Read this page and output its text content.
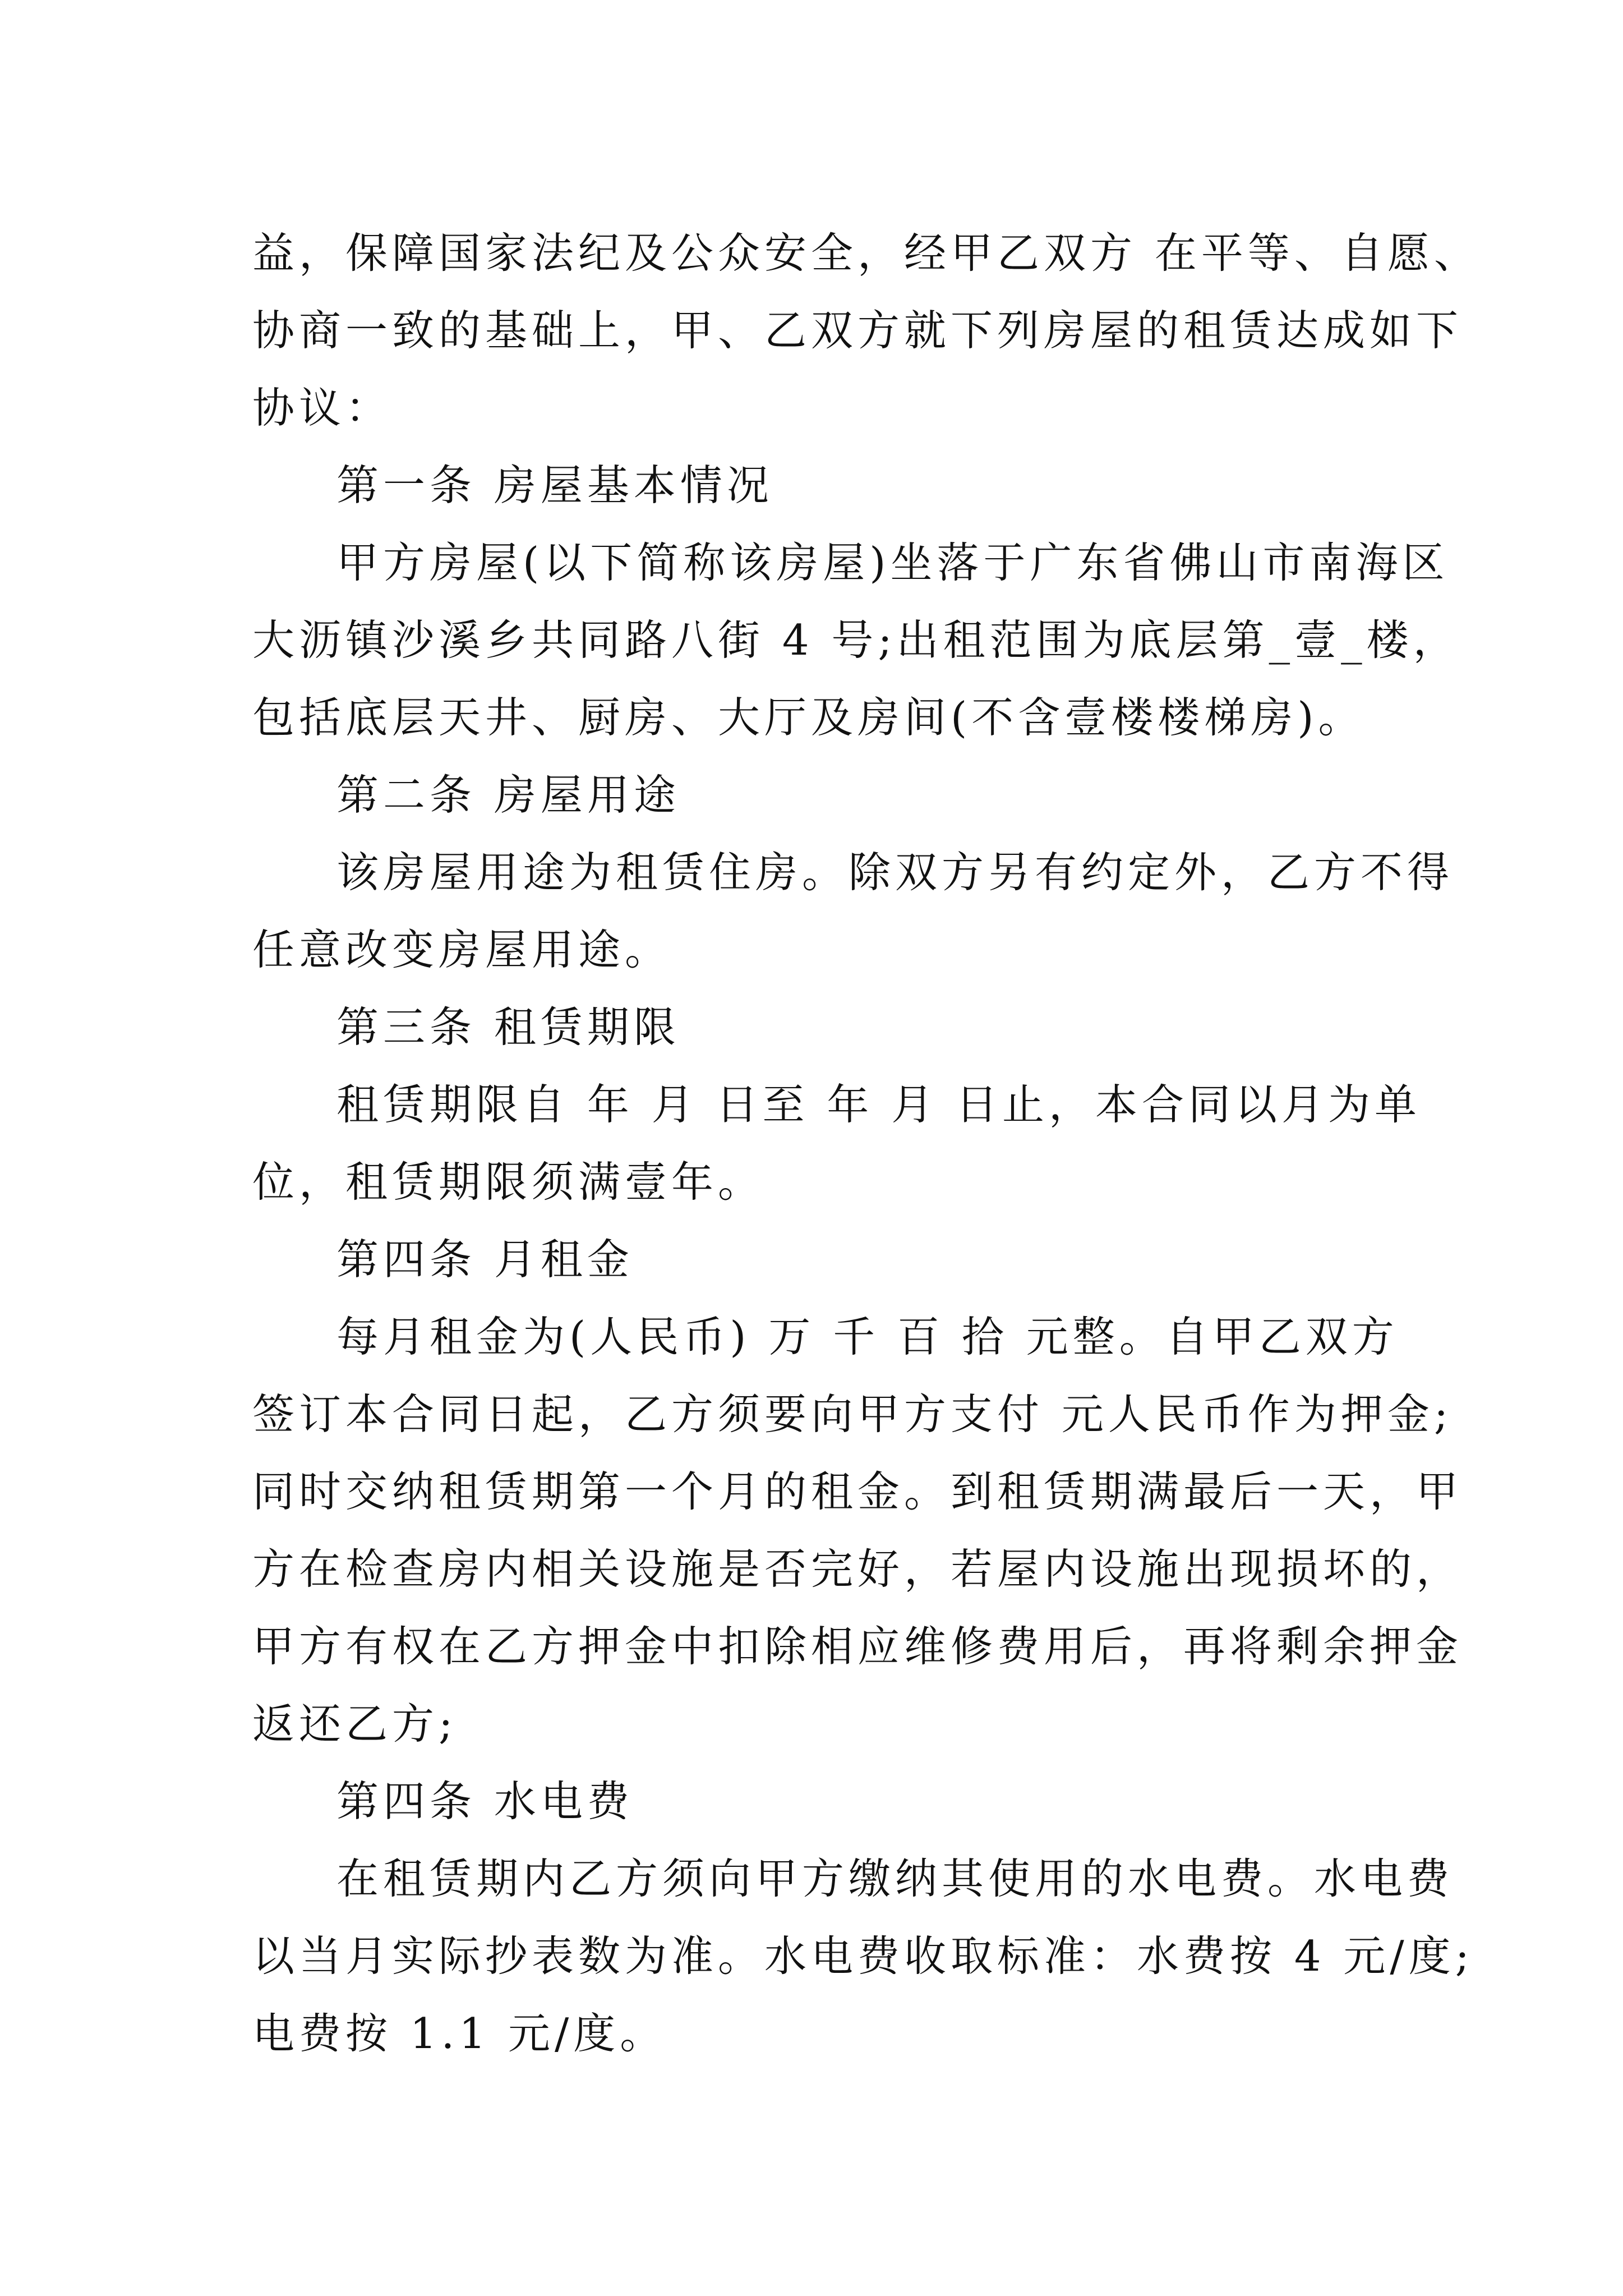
益，保障国家法纪及公众安全，经甲乙双方 在平等、自愿、
协商一致的基础上，甲、乙双方就下列房屋的租赁达成如下
协议：
第一条 房屋基本情况
甲方房屋(以下简称该房屋)坐落于广东省佛山市南海区
大沥镇沙溪乡共同路八街 4 号;出租范围为底层第_壹_楼，
包括底层天井、厨房、大厅及房间(不含壹楼楼梯房)。
第二条 房屋用途
该房屋用途为租赁住房。除双方另有约定外，乙方不得
任意改变房屋用途。
第三条 租赁期限
租赁期限自 年 月 日至 年 月 日止，本合同以月为单
位，租赁期限须满壹年。
第四条 月租金
每月租金为(人民币) 万 千 百 拾 元整。自甲乙双方
签订本合同日起，乙方须要向甲方支付 元人民币作为押金;
同时交纳租赁期第一个月的租金。到租赁期满最后一天，甲
方在检查房内相关设施是否完好，若屋内设施出现损坏的，
甲方有权在乙方押金中扣除相应维修费用后，再将剩余押金
返还乙方;
第四条 水电费
在租赁期内乙方须向甲方缴纳其使用的水电费。水电费
以当月实际抄表数为准。水电费收取标准：水费按 4 元/度;
电费按 1.1 元/度。
